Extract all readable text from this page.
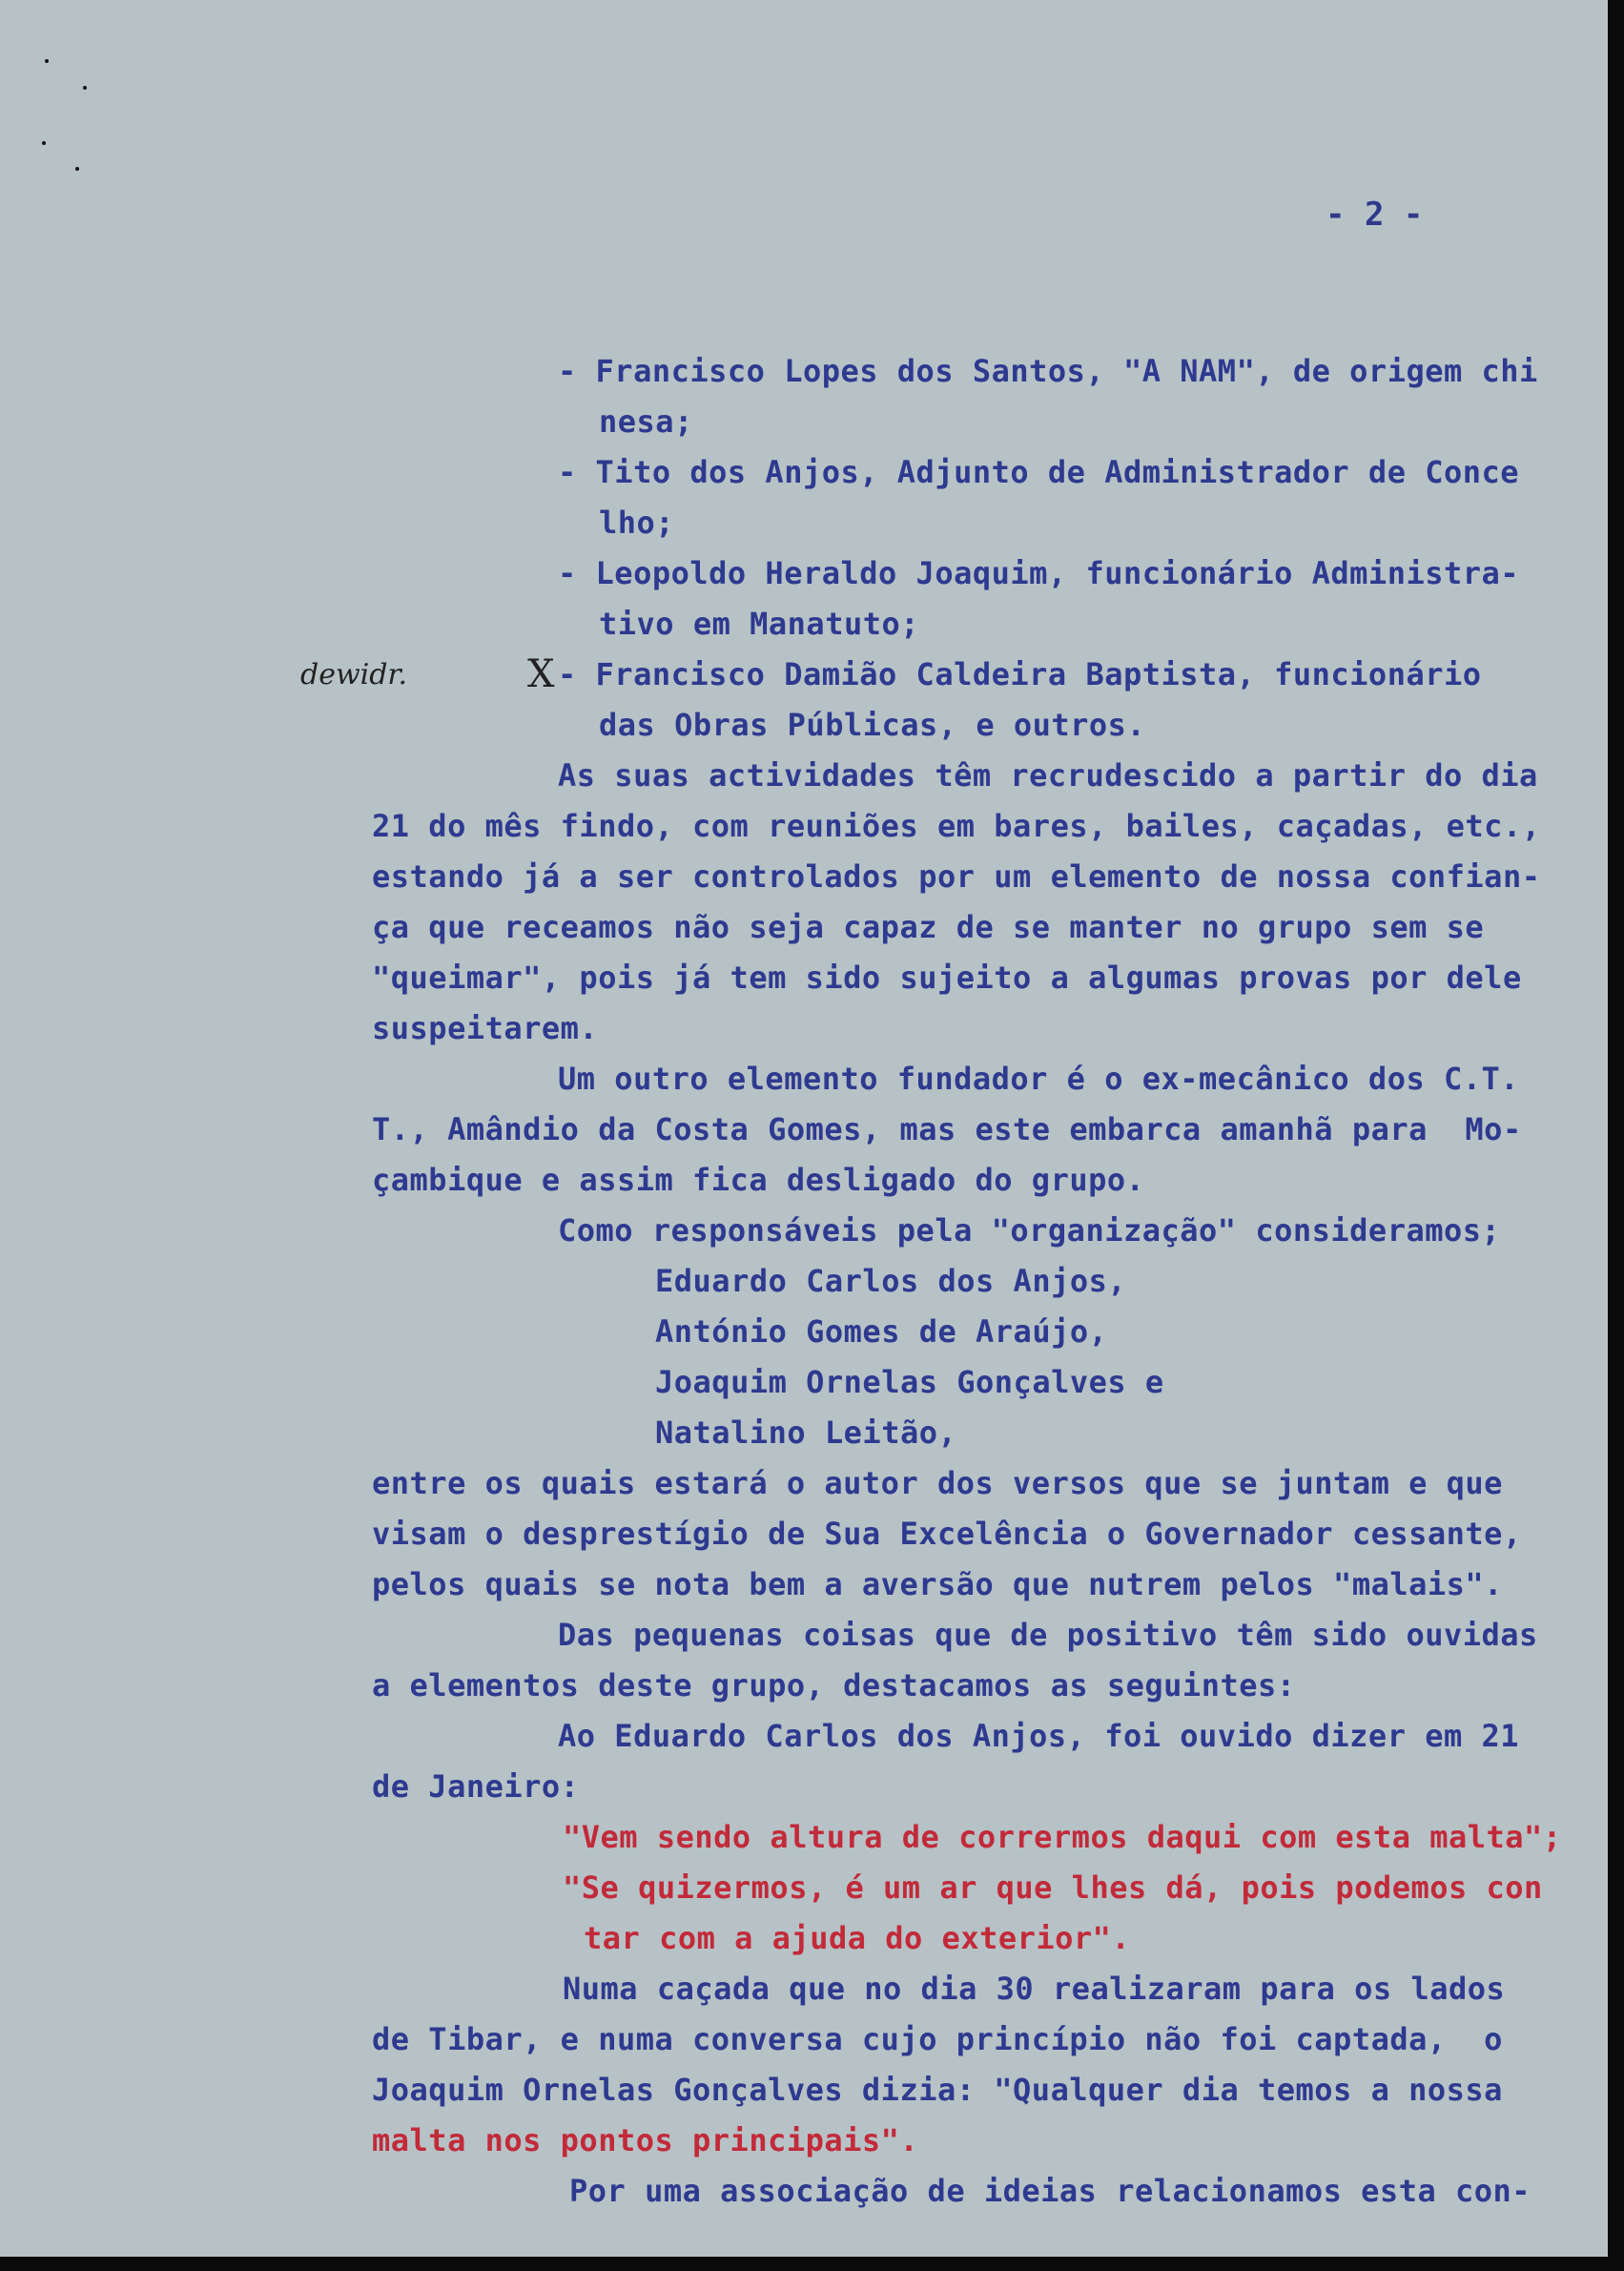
- 2 -
dewidr.	X
- Francisco Lopes dos Santos, "A NAM", de origem chi
nesa;
- Tito dos Anjos, Adjunto de Administrador de Conce
lho;
- Leopoldo Heraldo Joaquim, funcionário Administra-
tivo em Manatuto;
- Francisco Damião Caldeira Baptista, funcionário
das Obras Públicas, e outros.
As suas actividades têm recrudescido a partir do dia
21 do mês findo, com reuniões em bares, bailes, caçadas, etc.,
estando já a ser controlados por um elemento de nossa confian-
ça que receamos não seja capaz de se manter no grupo sem se
"queimar", pois já tem sido sujeito a algumas provas por dele
suspeitarem.
Um outro elemento fundador é o ex-mecânico dos C.T.
T., Amândio da Costa Gomes, mas este embarca amanhã para  Mo-
çambique e assim fica desligado do grupo.
Como responsáveis pela "organização" consideramos;
Eduardo Carlos dos Anjos,
António Gomes de Araújo,
Joaquim Ornelas Gonçalves e
Natalino Leitão,
entre os quais estará o autor dos versos que se juntam e que
visam o desprestígio de Sua Excelência o Governador cessante,
pelos quais se nota bem a aversão que nutrem pelos "malais".
Das pequenas coisas que de positivo têm sido ouvidas
a elementos deste grupo, destacamos as seguintes:
Ao Eduardo Carlos dos Anjos, foi ouvido dizer em 21
de Janeiro:
"Vem sendo altura de corrermos daqui com esta malta";
"Se quizermos, é um ar que lhes dá, pois podemos con
tar com a ajuda do exterior".
Numa caçada que no dia 30 realizaram para os lados
de Tibar, e numa conversa cujo princípio não foi captada,  o
Joaquim Ornelas Gonçalves dizia: "Qualquer dia temos a nossa
malta nos pontos principais".
Por uma associação de ideias relacionamos esta con-
